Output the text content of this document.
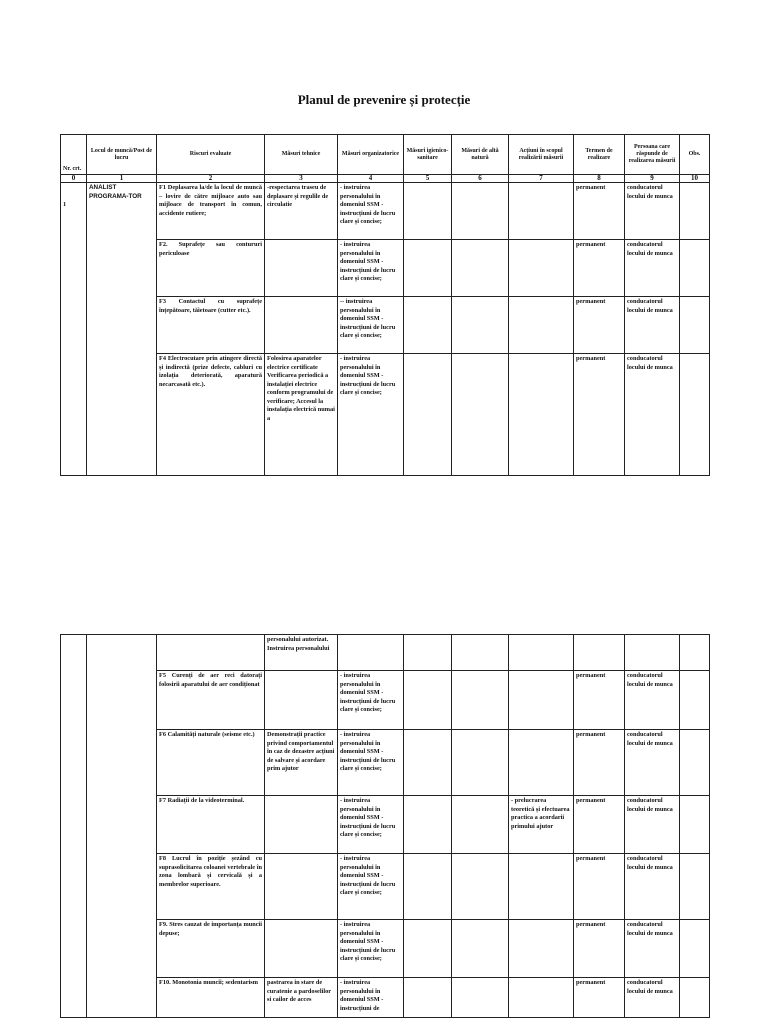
Planul de prevenire și protecție
Nr. crt.	Locul de muncă/Post de lucru	Riscuri evaluate	Măsuri tehnice	Măsuri organizatorice	Măsuri igienico-sanitare	Măsuri de altă natură	Acțiuni în scopul realizării măsurii	Termen de realizare	Persoana care răspunde de realizarea măsurii	Obs.
0	1	2	3	4	5	6	7	8	9	10

1	ANALIST PROGRAMA-TOR	F1 Deplasarea la/de la locul de muncă – lovire de către mijloace auto sau mijloace de transport în comun, accidente rutiere;	-respectarea traseu de deplasare și regulile de circulatie	- instruirea personalului în domeniul SSM - instrucțiuni de lucru clare și concise;				permanent	conducatorul locului de munca	
		F2. Suprafețe sau contururi periculoase		- instruirea personalului în domeniul SSM - instrucțiuni de lucru clare și concise;				permanent	conducatorul locului de munca	
		F3 Contactul cu suprafețe înțepătoare, tăietoare (cutter etc.).		-- instruirea personalului în domeniul SSM - instrucțiuni de lucru clare și concise;				permanent	conducatorul locului de munca	
		F4 Electrocutare prin atingere directă și indirectă (prize defecte, cabluri cu izolația deteriorată, aparatură necarcasată etc.).	Folosirea aparatelor electrice certificate Verificarea periodică a instalației electrice conform programului de verificare; Accesul la instalația electrică numai a	- instruirea personalului în domeniul SSM - instrucțiuni de lucru clare și concise;				permanent	conducatorul locului de munca	
			personalului autorizat. Instruirea personalului							
		F5 Curenți de aer reci datorați folosirii aparatului de aer condiționat		- instruirea personalului în domeniul SSM - instrucțiuni de lucru clare și concise;				permanent	conducatorul locului de munca	
		F6 Calamități naturale (seisme etc.)	Demonstrații practice privind comportamentul în caz de dezastre acțiuni de salvare și acordare prim ajutor	- instruirea personalului în domeniul SSM - instrucțiuni de lucru clare și concise;				permanent	conducatorul locului de munca	
		F7 Radiații de la videoterminal.		- instruirea personalului în domeniul SSM - instrucțiuni de lucru clare și concise;			- prelucrarea teoretică și efectuarea practica a acordarii primului ajutor	permanent	conducatorul locului de munca	
		F8 Lucrul în poziție șezând cu suprasolicitarea coloanei vertebrale în zona lombară și cervicală și a membrelor superioare.		- instruirea personalului în domeniul SSM - instrucțiuni de lucru clare și concise;				permanent	conducatorul locului de munca	
		F9. Stres cauzat de importanța muncii depuse;		- instruirea personalului în domeniul SSM - instrucțiuni de lucru clare și concise;				permanent	conducatorul locului de munca	
		F10. Monotonia muncii; sedentarism	pastrarea in stare de curatenie a pardoselilor si cailor de acces	- instruirea personalului în domeniul SSM - instrucțiuni de				permanent	conducatorul locului de munca	
